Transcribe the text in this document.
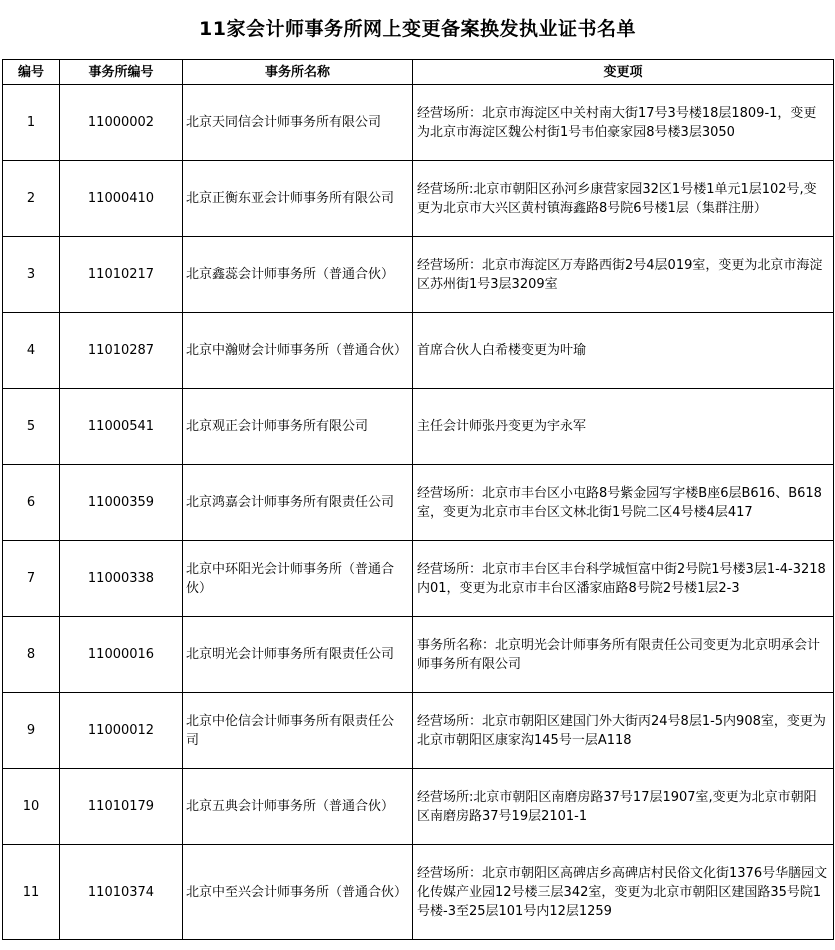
11家会计师事务所网上变更备案换发执业证书名单
编号	事务所编号	事务所名称	变更项
1	11000002	北京天同信会计师事务所有限公司	经营场所：北京市海淀区中关村南大街17号3号楼18层1809-1，变更为北京市海淀区魏公村街1号韦伯豪家园8号楼3层3050
2	11000410	北京正衡东亚会计师事务所有限公司	经营场所:北京市朝阳区孙河乡康营家园32区1号楼1单元1层102号,变更为北京市大兴区黄村镇海鑫路8号院6号楼1层（集群注册）
3	11010217	北京鑫蕊会计师事务所（普通合伙）	经营场所：北京市海淀区万寿路西街2号4层019室，变更为北京市海淀区苏州街1号3层3209室
4	11010287	北京中瀚财会计师事务所（普通合伙）	首席合伙人白希楼变更为叶瑜
5	11000541	北京观正会计师事务所有限公司	主任会计师张丹变更为宇永军
6	11000359	北京鸿嘉会计师事务所有限责任公司	经营场所：北京市丰台区小屯路8号紫金园写字楼B座6层B616、B618室，变更为北京市丰台区文林北街1号院二区4号楼4层417
7	11000338	北京中环阳光会计师事务所（普通合伙）	经营场所：北京市丰台区丰台科学城恒富中街2号院1号楼3层1-4-3218内01，变更为北京市丰台区潘家庙路8号院2号楼1层2-3
8	11000016	北京明光会计师事务所有限责任公司	事务所名称：北京明光会计师事务所有限责任公司变更为北京明承会计师事务所有限公司
9	11000012	北京中伦信会计师事务所有限责任公司	经营场所：北京市朝阳区建国门外大街丙24号8层1-5内908室，变更为北京市朝阳区康家沟145号一层A118
10	11010179	北京五典会计师事务所（普通合伙）	经营场所:北京市朝阳区南磨房路37号17层1907室,变更为北京市朝阳区南磨房路37号19层2101-1
11	11010374	北京中至兴会计师事务所（普通合伙）	经营场所：北京市朝阳区高碑店乡高碑店村民俗文化街1376号华膳园文化传媒产业园12号楼三层342室，变更为北京市朝阳区建国路35号院1号楼-3至25层101号内12层1259
